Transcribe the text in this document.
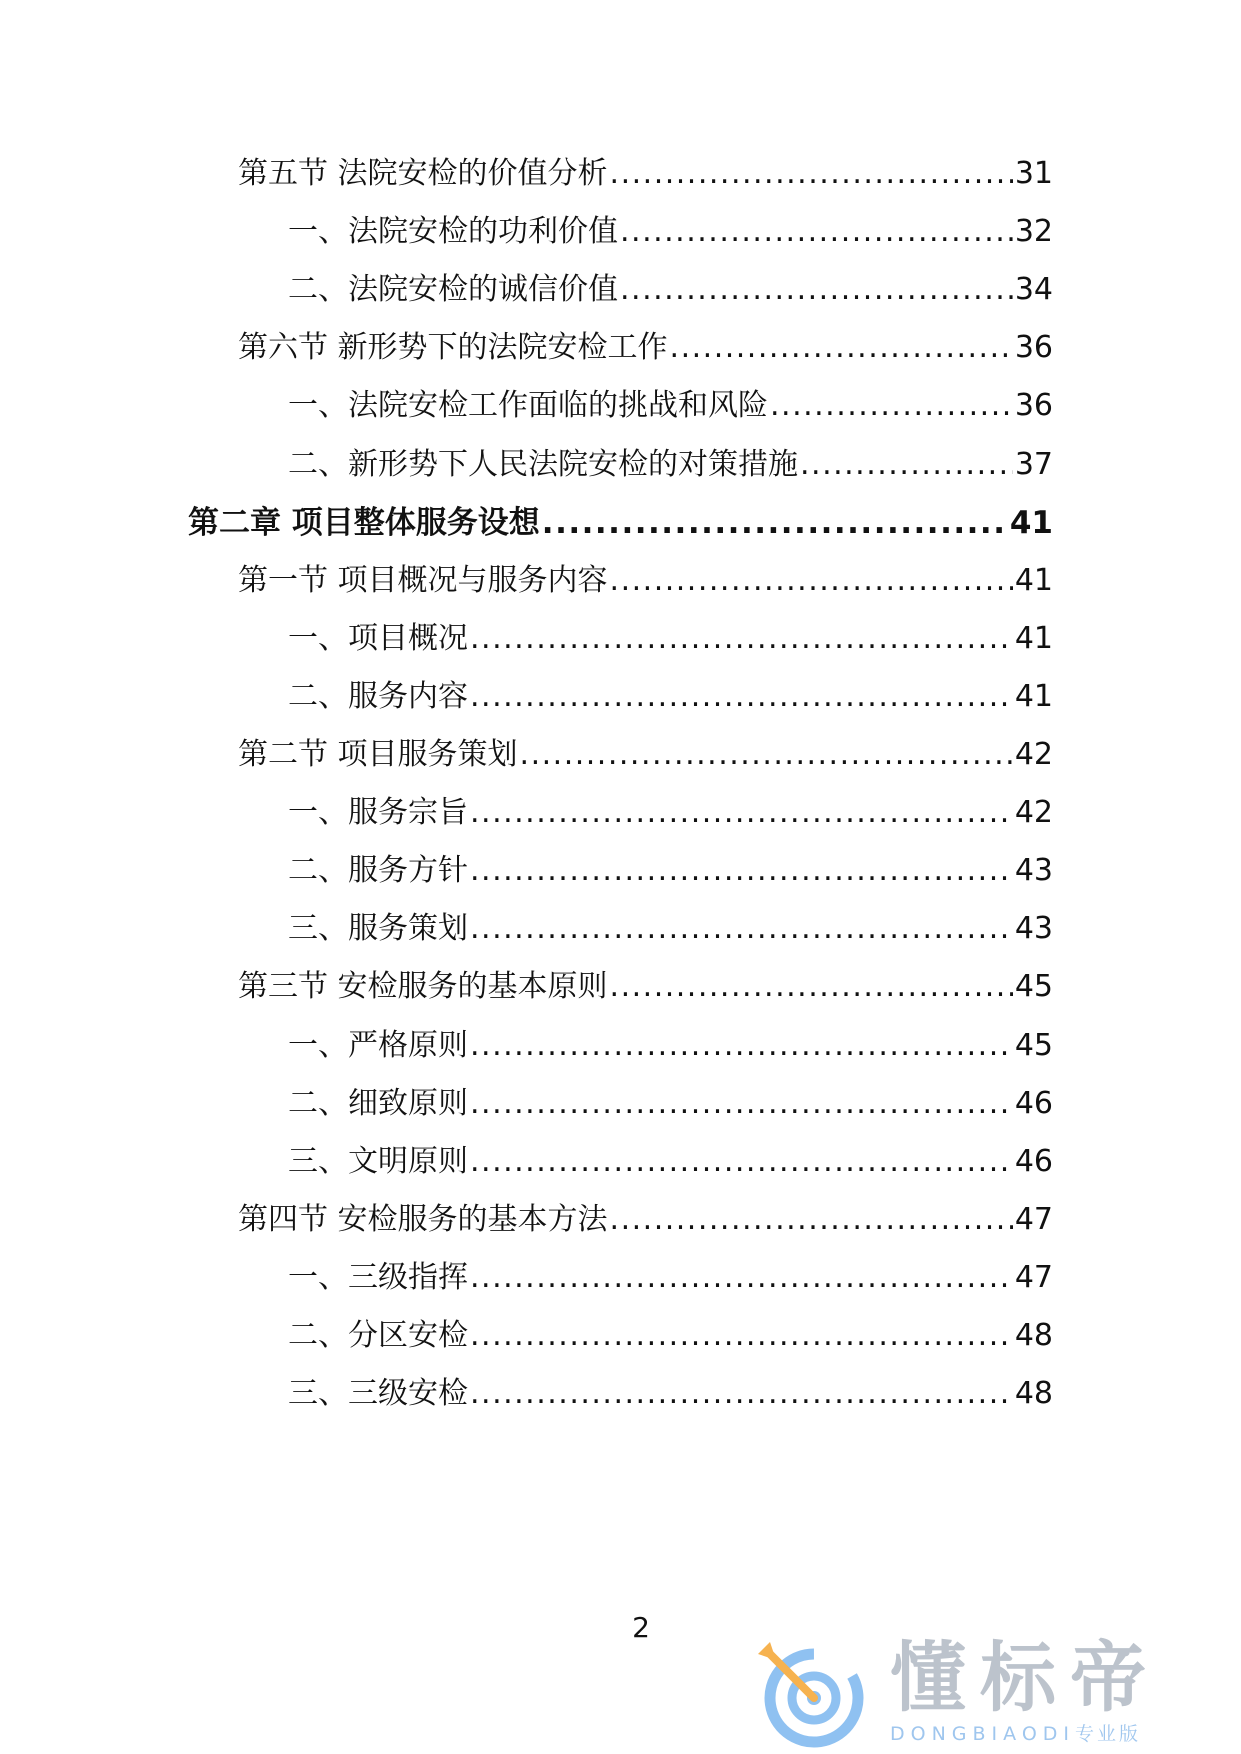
第五节 法院安检的价值分析 .....	31
一、法院安检的功利价值 .....	32
二、法院安检的诚信价值 .....	34
第六节 新形势下的法院安检工作 .....	36
一、法院安检工作面临的挑战和风险 .....	36
二、新形势下人民法院安检的对策措施 .....	37
第二章 项目整体服务设想 .....	41
第一节 项目概况与服务内容 .....	41
一、项目概况 .....	41
二、服务内容 .....	41
第二节 项目服务策划 .....	42
一、服务宗旨 .....	42
二、服务方针 .....	43
三、服务策划 .....	43
第三节 安检服务的基本原则 .....	45
一、严格原则 .....	45
二、细致原则 .....	46
三、文明原则 .....	46
第四节 安检服务的基本方法 .....	47
一、三级指挥 .....	47
二、分区安检 .....	48
三、三级安检 .....	48
2
懂标帝
DONGBIAODI专业版
